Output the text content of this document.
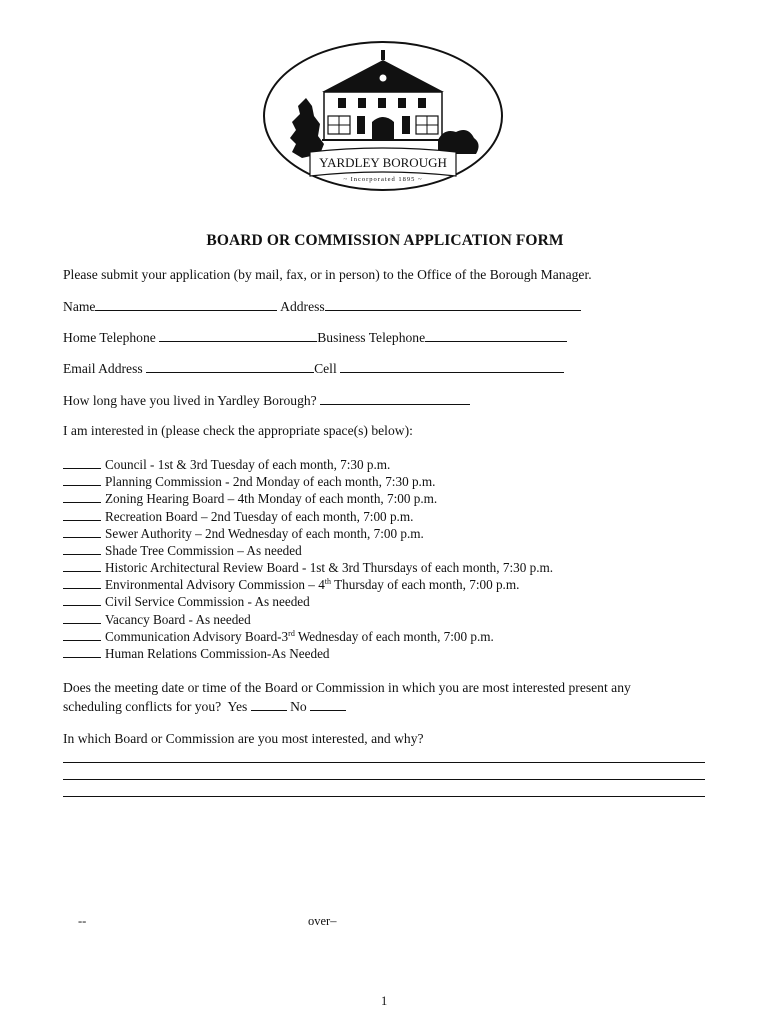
YARDLEY BOROUGH
~ Incorporated 1895 ~
BOARD OR COMMISSION APPLICATION FORM
Please submit your application (by mail, fax, or in person) to the Office of the Borough Manager.
Name	Address
Home Telephone	Business Telephone
Email Address	Cell
How long have you lived in Yardley Borough?
I am interested in (please check the appropriate space(s) below):
Council - 1st & 3rd Tuesday of each month, 7:30 p.m.
Planning Commission - 2nd Monday of each month, 7:30 p.m.
Zoning Hearing Board – 4th Monday of each month, 7:00 p.m.
Recreation Board – 2nd Tuesday of each month, 7:00 p.m.
Sewer Authority – 2nd Wednesday of each month, 7:00 p.m.
Shade Tree Commission – As needed
Historic Architectural Review Board - 1st & 3rd Thursdays of each month, 7:30 p.m.
Environmental Advisory Commission – 4th Thursday of each month, 7:00 p.m.
Civil Service Commission - As needed
Vacancy Board - As needed
Communication Advisory Board-3rd Wednesday of each month, 7:00 p.m.
Human Relations Commission-As Needed
Does the meeting date or time of the Board or Commission in which you are most interested present any
scheduling conflicts for you? Yes	No
In which Board or Commission are you most interested, and why?
--	over–
1
